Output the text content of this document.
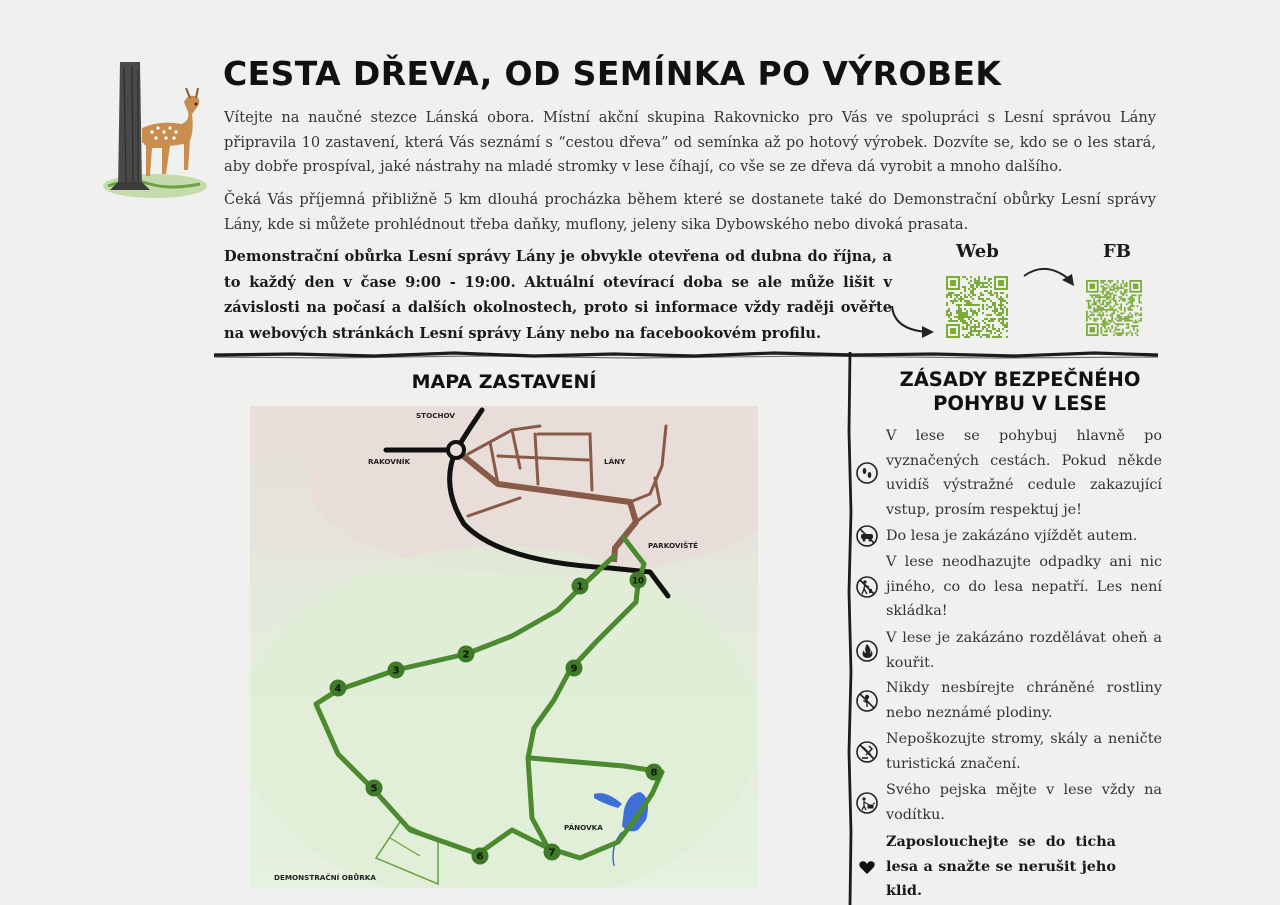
CESTA DŘEVA, OD SEMÍNKA PO VÝROBEK

Vítejte na naučné stezce Lánská obora. Místní akční skupina Rakovnicko pro Vás ve spolupráci s Lesní správou Lány připravila 10 zastavení, která Vás seznámí s “cestou dřeva” od semínka až po hotový výrobek. Dozvíte se, kdo se o les stará, aby dobře prospíval, jaké nástrahy na mladé stromky v lese číhají, co vše se ze dřeva dá vyrobit a mnoho dalšího.

Čeká Vás příjemná přibližně 5 km dlouhá procházka během které se dostanete také do Demonstrační obůrky Lesní správy Lány, kde si můžete prohlédnout třeba daňky, muflony, jeleny sika Dybowského nebo divoká prasata.

Demonstrační obůrka Lesní správy Lány je obvykle otevřena od dubna do října, a to každý den v čase 9:00 - 19:00. Aktuální otevírací doba se ale může lišit v závislosti na počasí a dalších okolnostech, proto si informace vždy raději ověřte na webových stránkách Lesní správy Lány nebo na facebookovém profilu.

Web	FB
MAPA ZASTAVENÍ
STOCHOV
RAKOVNÍK	LÁNY
PARKOVIŠTĚ
PÁNOVKA
DEMONSTRAČNÍ OBŮRKA
1
2
3
4
5
6	7
8
9
10
ZÁSADY BEZPEČNÉHO
POHYBU V LESE
V lese se pohybuj hlavně po vyznačených cestách. Pokud někde uvidíš výstražné cedule zakazující vstup, prosím respektuj je!
Do lesa je zakázáno vjíždět autem.
V lese neodhazujte odpadky ani nic jiného, co do lesa nepatří. Les není skládka!
V lese je zakázáno rozdělávat oheň a kouřit.
Nikdy nesbírejte chráněné rostliny nebo neznámé plodiny.
Nepoškozujte stromy, skály a neničte turistická značení.
Svého pejska mějte v lese vždy na vodítku.
Zaposlouchejte se do ticha lesa a snažte se nerušit jeho klid.
